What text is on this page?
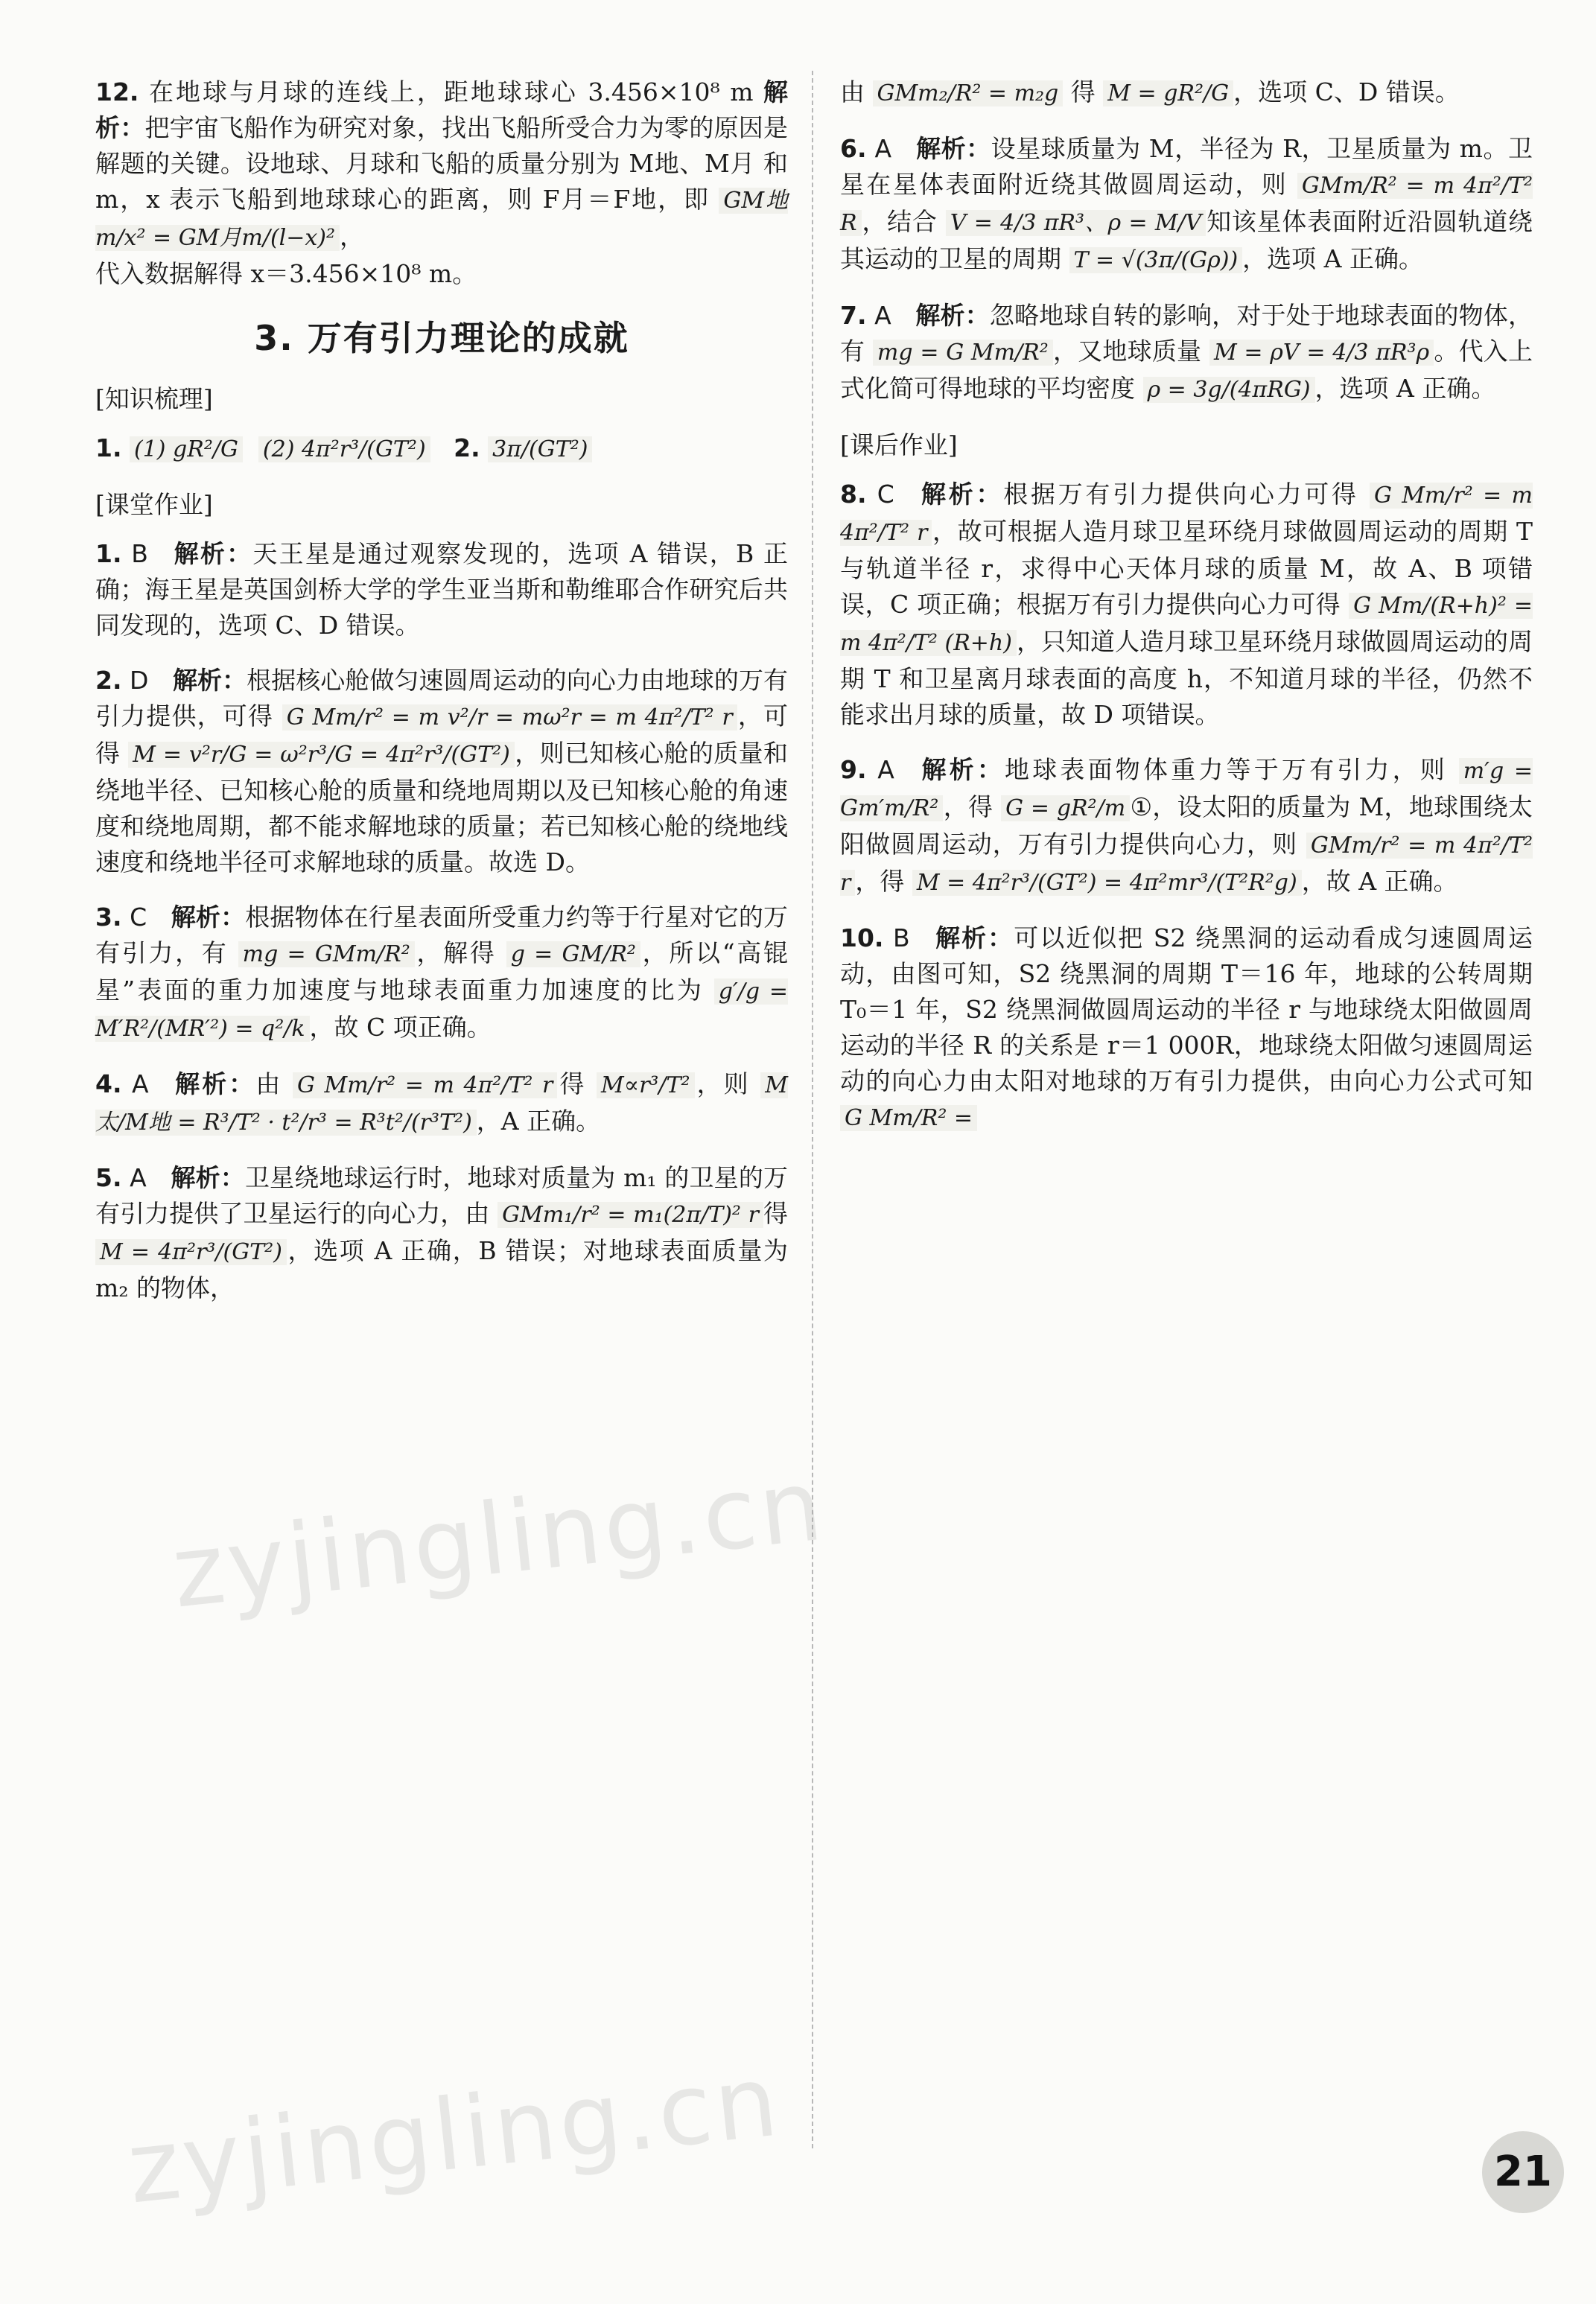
12. 在地球与月球的连线上，距地球球心 3.456×10⁸ m 解析：把宇宙飞船作为研究对象，找出飞船所受合力为零的原因是解题的关键。设地球、月球和飞船的质量分别为 M地、M月 和 m，x 表示飞船到地球球心的距离，则 F月＝F地，即 GM地m/x² = GM月m/(l−x)² ，

代入数据解得 x＝3.456×10⁸ m。

3. 万有引力理论的成就
[知识梳理]
1. (1) gR²/G (2) 4π²r³/(GT²) 2. 3π/(GT²)
[课堂作业]
1. B 解析：天王星是通过观察发现的，选项 A 错误，B 正确；海王星是英国剑桥大学的学生亚当斯和勒维耶合作研究后共同发现的，选项 C、D 错误。
2. D 解析：根据核心舱做匀速圆周运动的向心力由地球的万有引力提供，可得 G Mm/r² = m v²/r = mω²r = m 4π²/T² r ，可得 M = v²r/G = ω²r³/G = 4π²r³/(GT²) ，则已知核心舱的质量和绕地半径、已知核心舱的质量和绕地周期以及已知核心舱的角速度和绕地周期，都不能求解地球的质量；若已知核心舱的绕地线速度和绕地半径可求解地球的质量。故选 D。
3. C 解析：根据物体在行星表面所受重力约等于行星对它的万有引力，有 mg = GMm/R² ，解得 g = GM/R² ，所以“高锟星”表面的重力加速度与地球表面重力加速度的比为 g′/g = M′R²/(MR′²) = q²/k ，故 C 项正确。
4. A 解析：由 G Mm/r² = m 4π²/T² r 得 M∝r³/T² ，则 M太/M地 = R³/T² · t²/r³ = R³t²/(r³T²) ，A 正确。
5. A 解析：卫星绕地球运行时，地球对质量为 m₁ 的卫星的万有引力提供了卫星运行的向心力，由 GMm₁/r² = m₁(2π/T)² r 得 M = 4π²r³/(GT²) ，选项 A 正确，B 错误；对地球表面质量为 m₂ 的物体，
由 GMm₂/R² = m₂g 得 M = gR²/G ，选项 C、D 错误。
6. A 解析：设星球质量为 M，半径为 R，卫星质量为 m。卫星在星体表面附近绕其做圆周运动，则 GMm/R² = m 4π²/T² R ，结合 V = 4/3 πR³、ρ = M/V 知该星体表面附近沿圆轨道绕其运动的卫星的周期 T = √(3π/(Gρ)) ，选项 A 正确。
7. A 解析：忽略地球自转的影响，对于处于地球表面的物体，有 mg = G Mm/R² ，又地球质量 M = ρV = 4/3 πR³ρ 。代入上式化简可得地球的平均密度 ρ = 3g/(4πRG) ，选项 A 正确。
[课后作业]
8. C 解析：根据万有引力提供向心力可得 G Mm/r² = m 4π²/T² r ，故可根据人造月球卫星环绕月球做圆周运动的周期 T 与轨道半径 r，求得中心天体月球的质量 M，故 A、B 项错误，C 项正确；根据万有引力提供向心力可得 G Mm/(R+h)² = m 4π²/T² (R+h) ，只知道人造月球卫星环绕月球做圆周运动的周期 T 和卫星离月球表面的高度 h，不知道月球的半径，仍然不能求出月球的质量，故 D 项错误。
9. A 解析：地球表面物体重力等于万有引力，则 m′g = Gm′m/R² ，得 G = gR²/m ①，设太阳的质量为 M，地球围绕太阳做圆周运动，万有引力提供向心力，则 GMm/r² = m 4π²/T² r ，得 M = 4π²r³/(GT²) = 4π²mr³/(T²R²g) ，故 A 正确。
10. B 解析：可以近似把 S2 绕黑洞的运动看成匀速圆周运动，由图可知，S2 绕黑洞的周期 T＝16 年，地球的公转周期 T₀＝1 年，S2 绕黑洞做圆周运动的半径 r 与地球绕太阳做圆周运动的半径 R 的关系是 r＝1 000R，地球绕太阳做匀速圆周运动的向心力由太阳对地球的万有引力提供，由向心力公式可知 G Mm/R² =
zyjingling.cn
zyjingling.cn	21
